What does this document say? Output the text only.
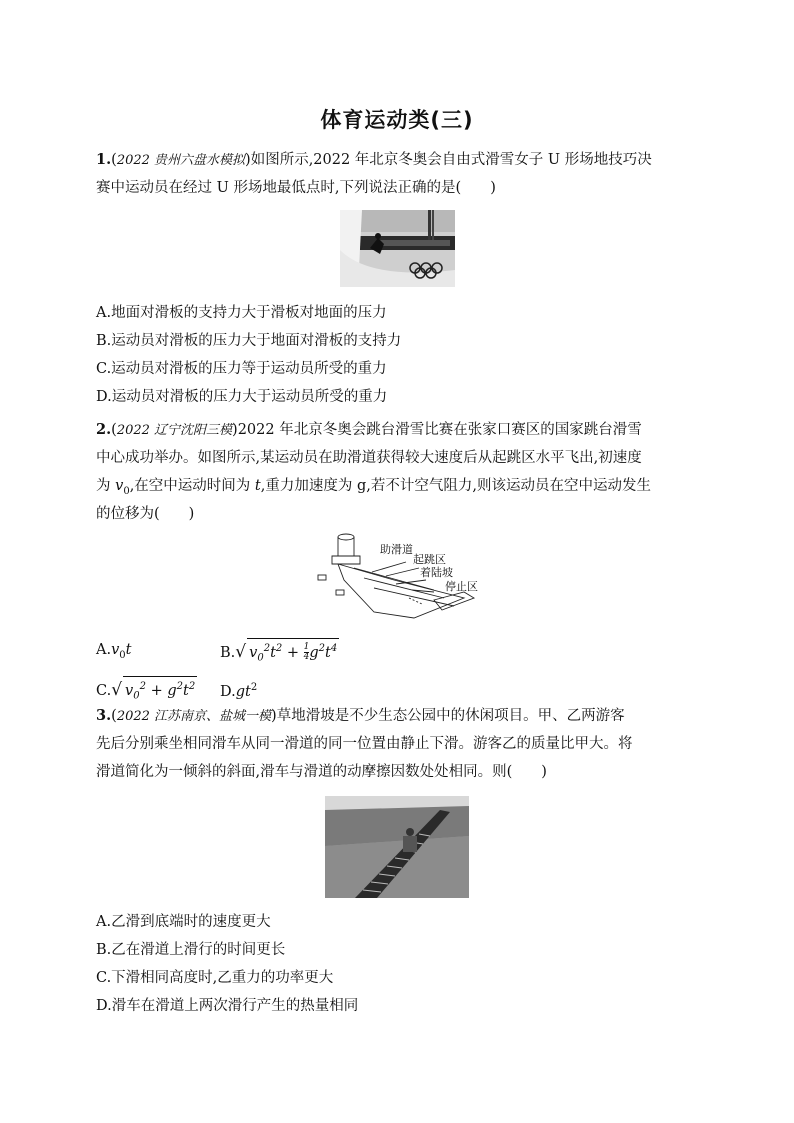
体育运动类(三)
1.(2022 贵州六盘水模拟)如图所示,2022 年北京冬奥会自由式滑雪女子 U 形场地技巧决
赛中运动员在经过 U 形场地最低点时,下列说法正确的是(　　)
A.地面对滑板的支持力大于滑板对地面的压力
B.运动员对滑板的压力大于地面对滑板的支持力
C.运动员对滑板的压力等于运动员所受的重力
D.运动员对滑板的压力大于运动员所受的重力
2.(2022 辽宁沈阳三模)2022 年北京冬奥会跳台滑雪比赛在张家口赛区的国家跳台滑雪
中心成功举办。如图所示,某运动员在助滑道获得较大速度后从起跳区水平飞出,初速度
为 $v_0$,在空中运动时间为 t,重力加速度为 g,若不计空气阻力,则该运动员在空中运动发生
的位移为(　　)
助滑道
起跳区
着陆坡
停止区
$A.v_0t$	B.√ $v_0^2t^2 + \frac{1}{4} g^2t^4$
C.√ $v_0^2 + g^2t^2$ $D.gt^2$
3.(2022 江苏南京、盐城一模)草地滑坡是不少生态公园中的休闲项目。甲、乙两游客
先后分别乘坐相同滑车从同一滑道的同一位置由静止下滑。游客乙的质量比甲大。将
滑道简化为一倾斜的斜面,滑车与滑道的动摩擦因数处处相同。则(　　)
A.乙滑到底端时的速度更大
B.乙在滑道上滑行的时间更长
C.下滑相同高度时,乙重力的功率更大
D.滑车在滑道上两次滑行产生的热量相同
